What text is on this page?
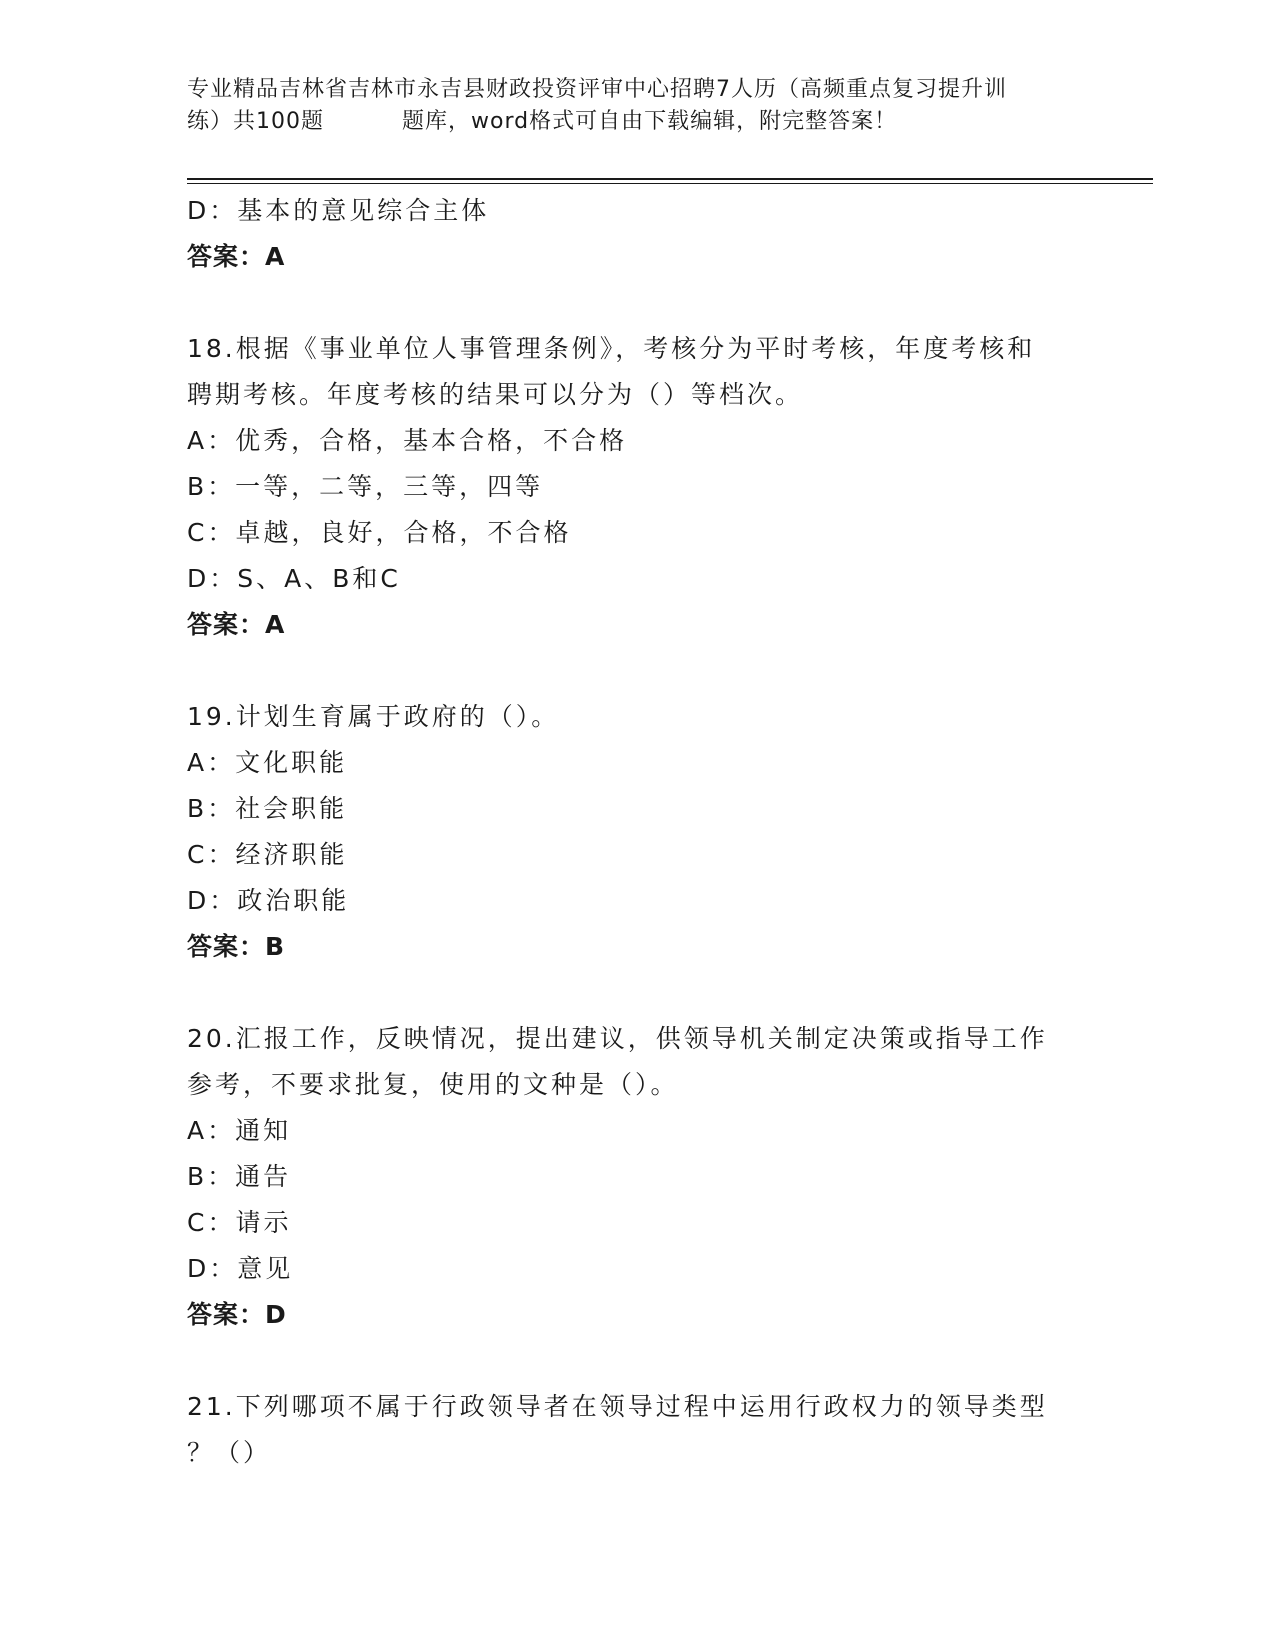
专业精品吉林省吉林市永吉县财政投资评审中心招聘7人历（高频重点复习提升训
练）共100题	题库，word格式可自由下载编辑，附完整答案！
D：基本的意见综合主体
答案：A
18.根据《事业单位人事管理条例》，考核分为平时考核，年度考核和
聘期考核。年度考核的结果可以分为（）等档次。
A：优秀，合格，基本合格，不合格
B：一等，二等，三等，四等
C：卓越，良好，合格，不合格
D：S、A、B和C
答案：A
19.计划生育属于政府的（）。
A：文化职能
B：社会职能
C：经济职能
D：政治职能
答案：B
20.汇报工作，反映情况，提出建议，供领导机关制定决策或指导工作
参考，不要求批复，使用的文种是（）。
A：通知
B：通告
C：请示
D：意见
答案：D
21.下列哪项不属于行政领导者在领导过程中运用行政权力的领导类型
？（）
